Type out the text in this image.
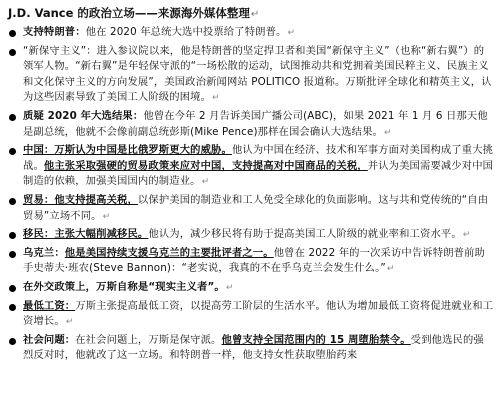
J.D. Vance 的政治立场——来源海外媒体整理↵
支持特朗普：他在 2020 年总统大选中投票给了特朗普。↵
“新保守主义”：进入参议院以来，他是特朗普的坚定捍卫者和美国“新保守主义”（也称“新右翼”）的领军人物。“新右翼”是年轻保守派的“一场松散的运动，试图推动共和党拥着美国民粹主义、民族主义和文化保守主义的方向发展”，美国政治新闻网站 POLITICO 报道称。万斯批评全球化和精英主义，认为这些因素导致了美国工人阶级的困境。↵
质疑 2020 年大选结果：他曾在今年 2 月告诉美国广播公司(ABC)，如果 2021 年 1 月 6 日那天他是副总统，他就不会像前副总统彭斯(Mike Pence)那样在国会确认大选结果。↵
中国：万斯认为中国是比俄罗斯更大的威胁。他认为中国在经济、技术和军事方面对美国构成了重大挑战。他主张采取强硬的贸易政策来应对中国，支持提高对中国商品的关税，并认为美国需要减少对中国制造的依赖，加强美国国内的制造业。↵
贸易：他支持提高关税，以保护美国的制造业和工人免受全球化的负面影响。这与共和党传统的“自由贸易”立场不同。↵
移民：主张大幅削减移民。他认为，减少移民将有助于提高美国工人阶级的就业率和工资水平。↵
乌克兰：他是美国持续支援乌克兰的主要批评者之一。他曾在 2022 年的一次采访中告诉特朗普前助手史蒂夫·班农(Steve Bannon)：“老实说，我真的不在乎乌克兰会发生什么。”↵
在外交政策上，万斯自称是“现实主义者”。↵
最低工资：万斯主张提高最低工资，以提高劳工阶层的生活水平。他认为增加最低工资将促进就业和工资增长。↵
社会问题：在社会问题上，万斯是保守派。他曾支持全国范围内的 15 周堕胎禁令。受到他选民的强烈反对时，他就改了这一立场。和特朗普一样，他支持女性获取堕胎药来
